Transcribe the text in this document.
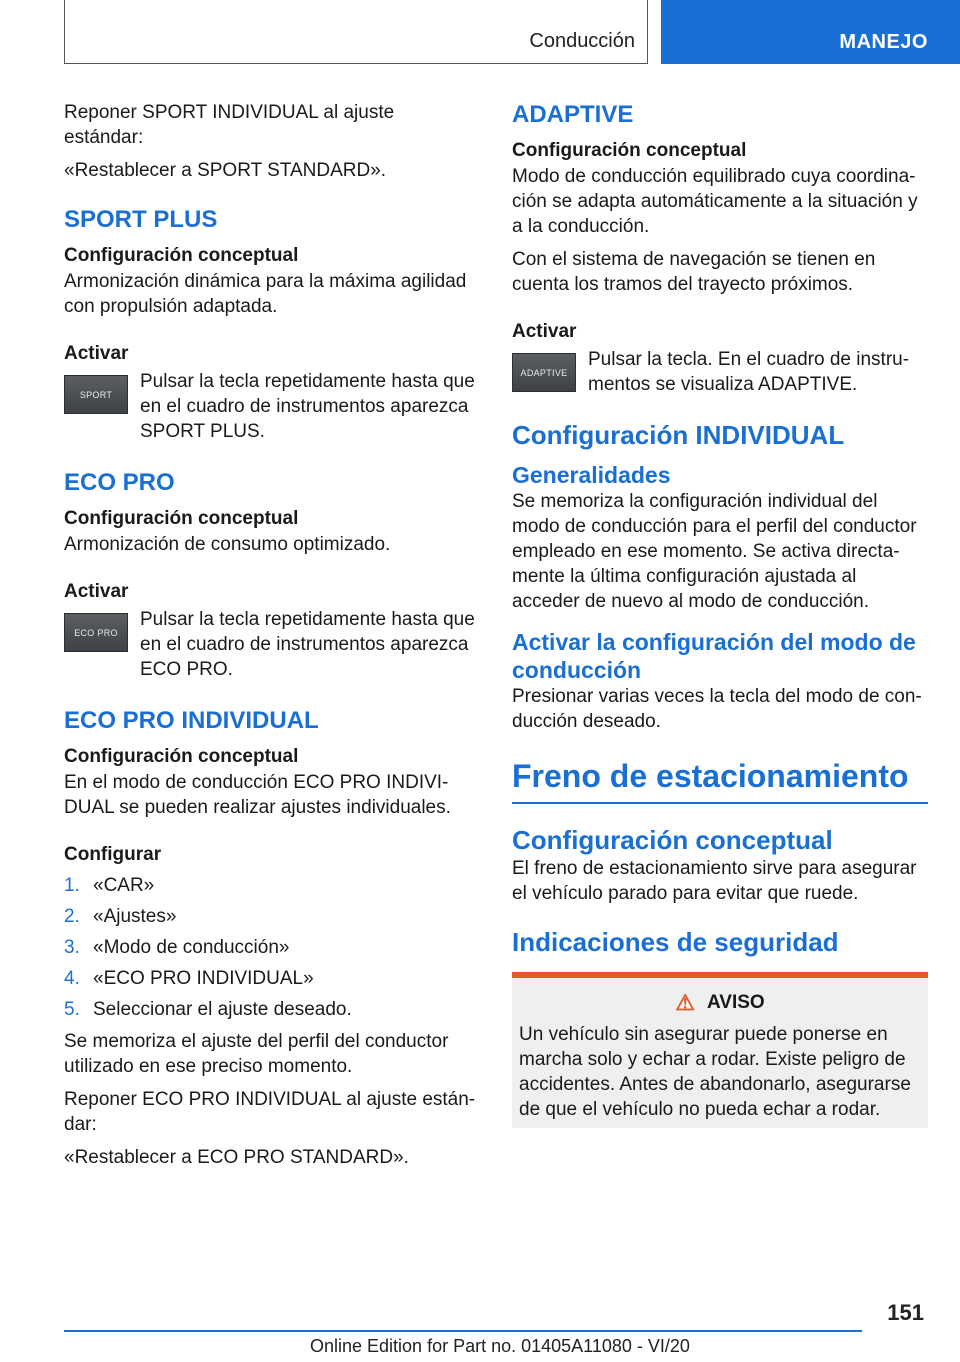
Conducción	MANEJO

Reponer SPORT INDIVIDUAL al ajuste estándar:

«Restablecer a SPORT STANDARD».

SPORT PLUS
Configuración conceptual

Armonización dinámica para la máxima agilidad con propulsión adaptada.

Activar
SPORT

Pulsar la tecla repetidamente hasta que en el cuadro de instrumentos aparezca SPORT PLUS.

ECO PRO
Configuración conceptual

Armonización de consumo optimizado.

Activar
ECO PRO

Pulsar la tecla repetidamente hasta que en el cuadro de instrumentos aparezca ECO PRO.

ECO PRO INDIVIDUAL
Configuración conceptual

En el modo de conducción ECO PRO INDIVI-DUAL se pueden realizar ajustes individuales.

Configurar
1. «CAR»
2. «Ajustes»
3. «Modo de conducción»
4. «ECO PRO INDIVIDUAL»
5. Seleccionar el ajuste deseado.

Se memoriza el ajuste del perfil del conductor utilizado en ese preciso momento.

Reponer ECO PRO INDIVIDUAL al ajuste están-dar:

«Restablecer a ECO PRO STANDARD».

ADAPTIVE
Configuración conceptual

Modo de conducción equilibrado cuya coordina-ción se adapta automáticamente a la situación y a la conducción.

Con el sistema de navegación se tienen en cuenta los tramos del trayecto próximos.

Activar
ADAPTIVE

Pulsar la tecla. En el cuadro de instru-mentos se visualiza ADAPTIVE.

Configuración INDIVIDUAL
Generalidades

Se memoriza la configuración individual del modo de conducción para el perfil del conductor empleado en ese momento. Se activa directa-mente la última configuración ajustada al acceder de nuevo al modo de conducción.

Activar la configuración del modo de conducción

Presionar varias veces la tecla del modo de con-ducción deseado.

Freno de estacionamiento
Configuración conceptual

El freno de estacionamiento sirve para asegurar el vehículo parado para evitar que ruede.

Indicaciones de seguridad
⚠ AVISO

Un vehículo sin asegurar puede ponerse en marcha solo y echar a rodar. Existe peligro de accidentes. Antes de abandonarlo, asegurarse de que el vehículo no pueda echar a rodar.

151
Online Edition for Part no. 01405A11080 - VI/20
